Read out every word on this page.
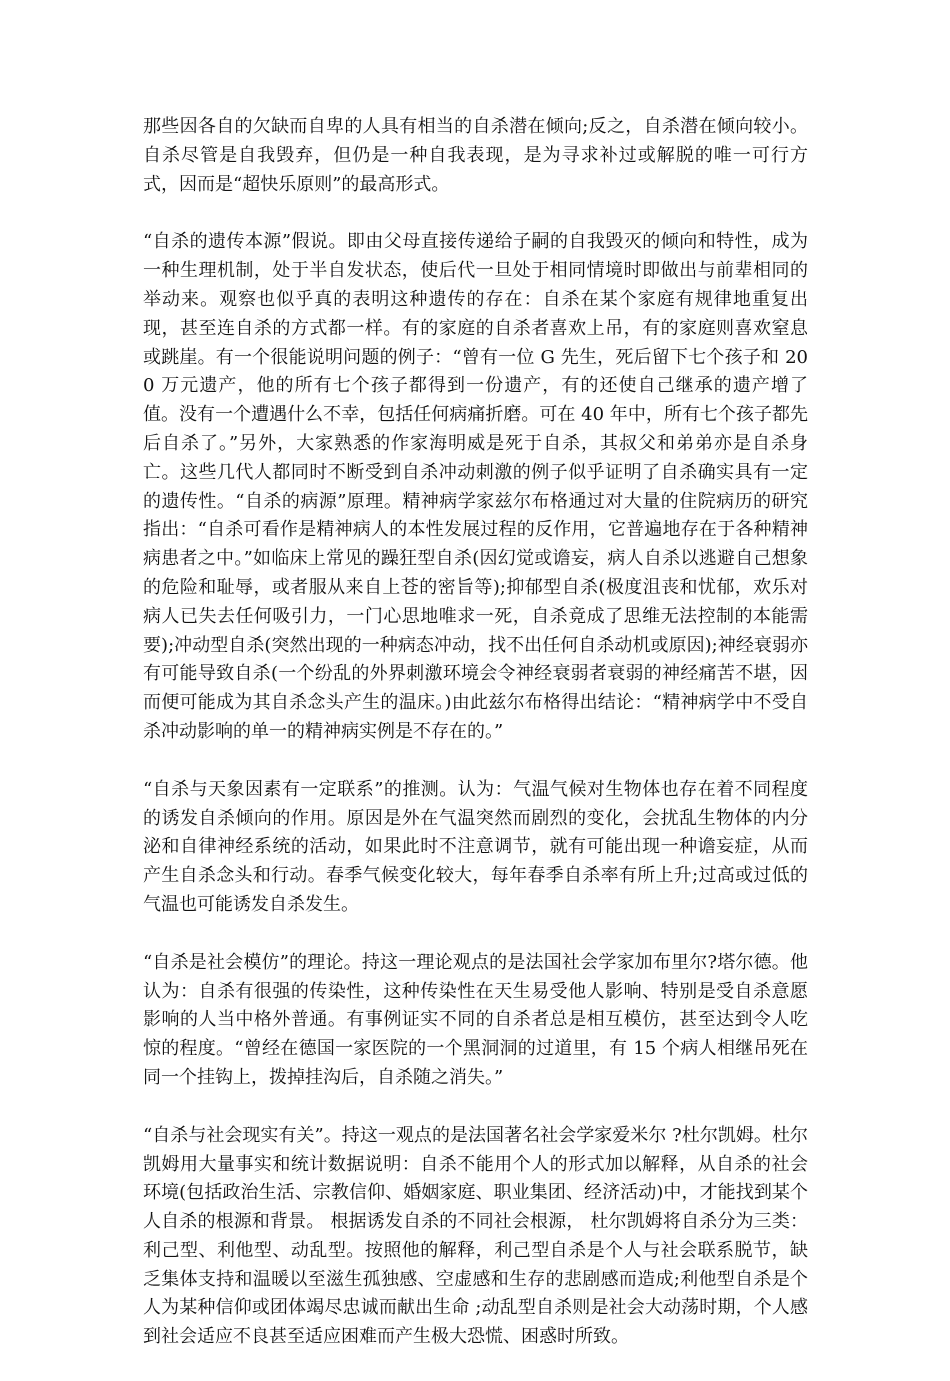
那些因各自的欠缺而自卑的人具有相当的自杀潜在倾向;反之，自杀潜在倾向较小。自杀尽管是自我毁弃，但仍是一种自我表现，是为寻求补过或解脱的唯一可行方式，因而是“超快乐原则”的最高形式。

“自杀的遗传本源”假说。即由父母直接传递给子嗣的自我毁灭的倾向和特性，成为一种生理机制，处于半自发状态，使后代一旦处于相同情境时即做出与前辈相同的举动来。观察也似乎真的表明这种遗传的存在：自杀在某个家庭有规律地重复出现，甚至连自杀的方式都一样。有的家庭的自杀者喜欢上吊，有的家庭则喜欢窒息或跳崖。有一个很能说明问题的例子：“曾有一位 G 先生，死后留下七个孩子和 200 万元遗产，他的所有七个孩子都得到一份遗产，有的还使自己继承的遗产增了值。没有一个遭遇什么不幸，包括任何病痛折磨。可在 40 年中，所有七个孩子都先后自杀了。”另外，大家熟悉的作家海明威是死于自杀，其叔父和弟弟亦是自杀身亡。这些几代人都同时不断受到自杀冲动刺激的例子似乎证明了自杀确实具有一定的遗传性。“自杀的病源”原理。精神病学家兹尔布格通过对大量的住院病历的研究指出：“自杀可看作是精神病人的本性发展过程的反作用，它普遍地存在于各种精神病患者之中。”如临床上常见的躁狂型自杀(因幻觉或谵妄，病人自杀以逃避自己想象的危险和耻辱，或者服从来自上苍的密旨等);抑郁型自杀(极度沮丧和忧郁，欢乐对病人已失去任何吸引力，一门心思地唯求一死，自杀竟成了思维无法控制的本能需要);冲动型自杀(突然出现的一种病态冲动，找不出任何自杀动机或原因);神经衰弱亦有可能导致自杀(一个纷乱的外界刺激环境会令神经衰弱者衰弱的神经痛苦不堪，因而便可能成为其自杀念头产生的温床。)由此兹尔布格得出结论：“精神病学中不受自杀冲动影响的单一的精神病实例是不存在的。”

“自杀与天象因素有一定联系”的推测。认为：气温气候对生物体也存在着不同程度的诱发自杀倾向的作用。原因是外在气温突然而剧烈的变化，会扰乱生物体的内分泌和自律神经系统的活动，如果此时不注意调节，就有可能出现一种谵妄症，从而产生自杀念头和行动。春季气候变化较大，每年春季自杀率有所上升;过高或过低的气温也可能诱发自杀发生。

“自杀是社会模仿”的理论。持这一理论观点的是法国社会学家加布里尔?塔尔德。他认为：自杀有很强的传染性，这种传染性在天生易受他人影响、特别是受自杀意愿影响的人当中格外普通。有事例证实不同的自杀者总是相互模仿，甚至达到令人吃惊的程度。“曾经在德国一家医院的一个黑洞洞的过道里，有 15 个病人相继吊死在同一个挂钩上，拨掉挂沟后，自杀随之消失。”

“自杀与社会现实有关”。持这一观点的是法国著名社会学家爱米尔 ?杜尔凯姆。杜尔凯姆用大量事实和统计数据说明：自杀不能用个人的形式加以解释，从自杀的社会环境(包括政治生活、宗教信仰、婚姻家庭、职业集团、经济活动)中，才能找到某个人自杀的根源和背景。 根据诱发自杀的不同社会根源， 杜尔凯姆将自杀分为三类：利己型、利他型、动乱型。按照他的解释，利己型自杀是个人与社会联系脱节，缺乏集体支持和温暖以至滋生孤独感、空虚感和生存的悲剧感而造成;利他型自杀是个人为某种信仰或团体竭尽忠诚而献出生命 ;动乱型自杀则是社会大动荡时期，个人感到社会适应不良甚至适应困难而产生极大恐慌、困惑时所致。
